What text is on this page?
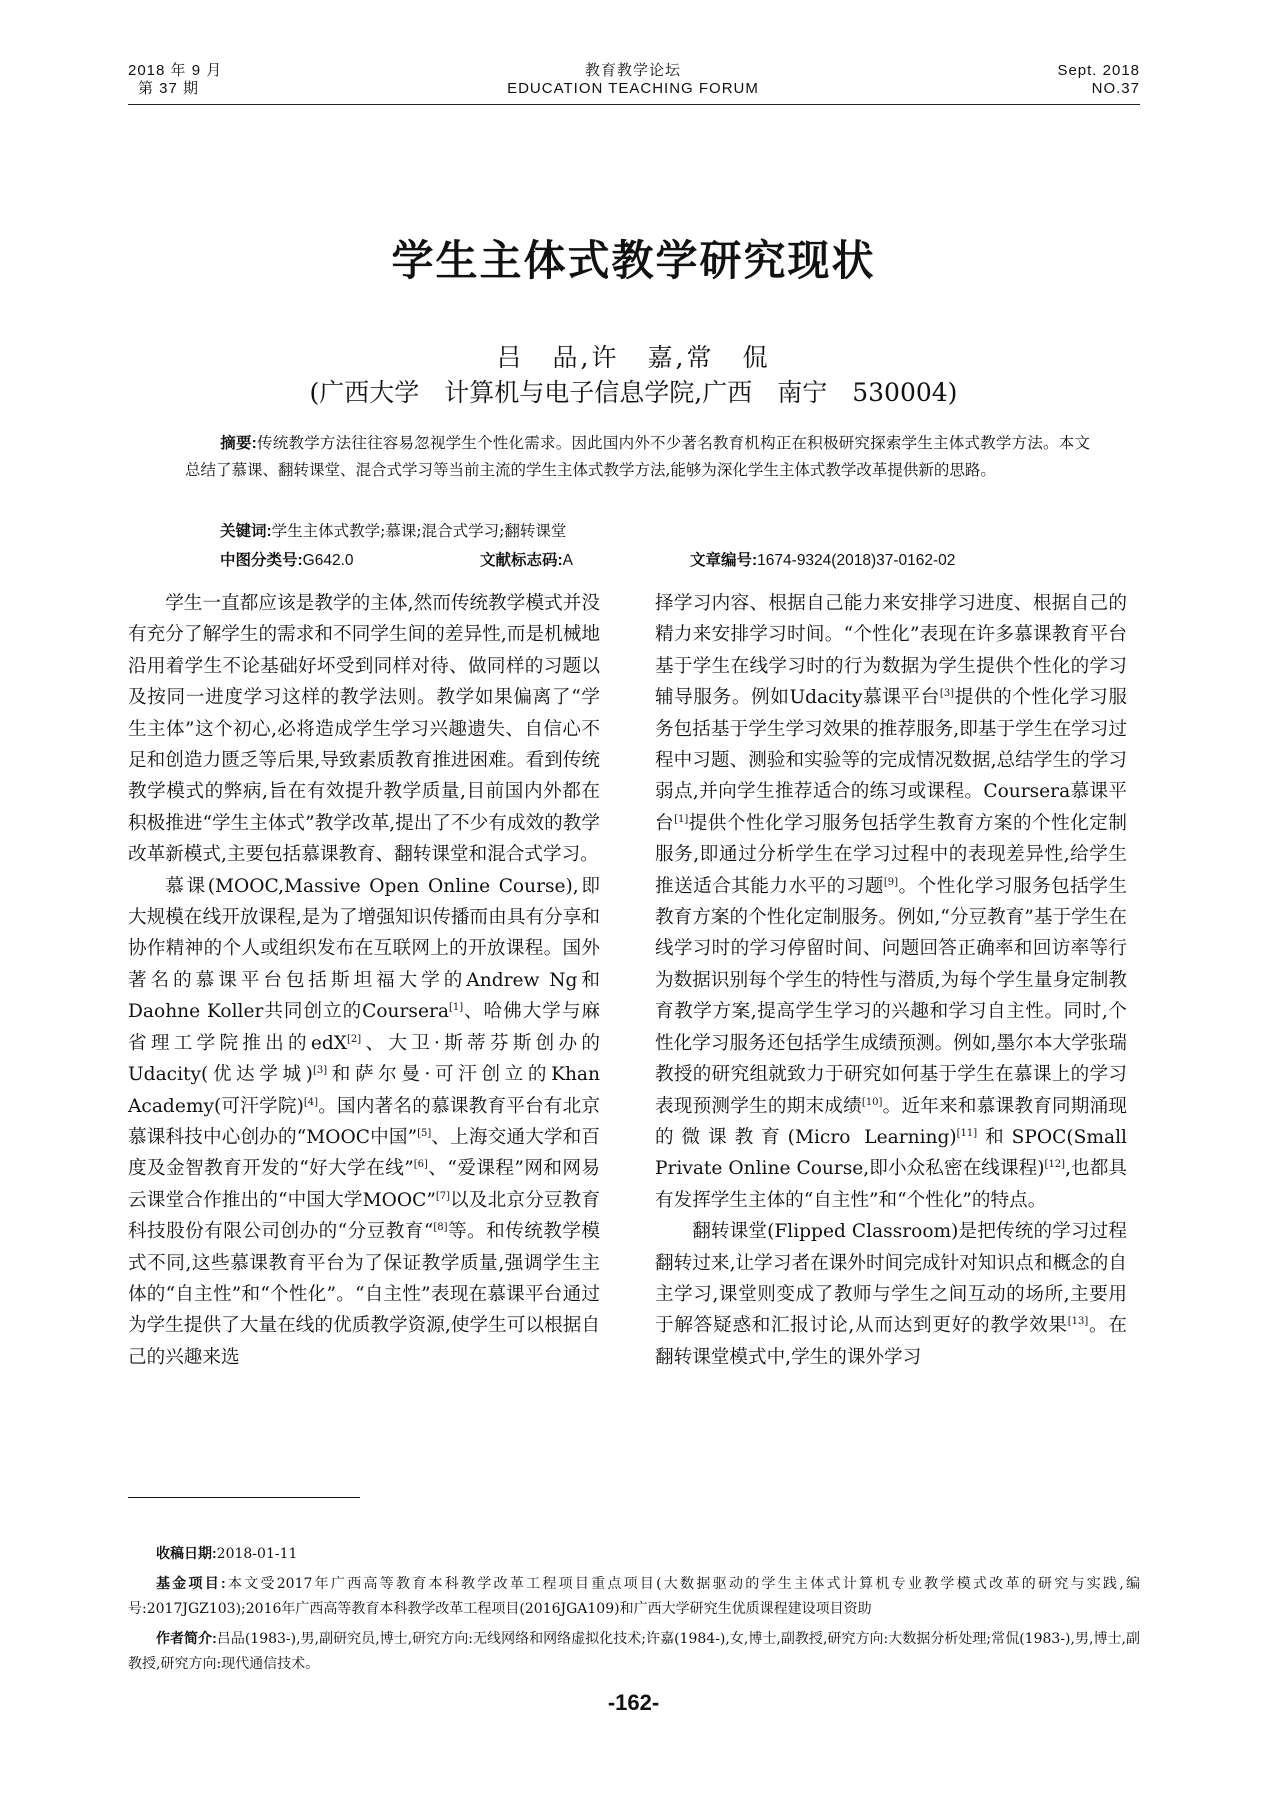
2018 年 9 月
第 37 期
教育教学论坛
EDUCATION TEACHING FORUM
Sept. 2018
NO.37
学生主体式教学研究现状
吕　品,许　嘉,常　侃
(广西大学　计算机与电子信息学院,广西　南宁　530004)
摘要:传统教学方法往往容易忽视学生个性化需求。因此国内外不少著名教育机构正在积极研究探索学生主体式教学方法。本文总结了慕课、翻转课堂、混合式学习等当前主流的学生主体式教学方法,能够为深化学生主体式教学改革提供新的思路。
关键词:学生主体式教学;慕课;混合式学习;翻转课堂
中图分类号:G642.0	文献标志码:A	文章编号:1674-9324(2018)37-0162-02

学生一直都应该是教学的主体,然而传统教学模式并没有充分了解学生的需求和不同学生间的差异性,而是机械地沿用着学生不论基础好坏受到同样对待、做同样的习题以及按同一进度学习这样的教学法则。教学如果偏离了“学生主体”这个初心,必将造成学生学习兴趣遗失、自信心不足和创造力匮乏等后果,导致素质教育推进困难。看到传统教学模式的弊病,旨在有效提升教学质量,目前国内外都在积极推进“学生主体式”教学改革,提出了不少有成效的教学改革新模式,主要包括慕课教育、翻转课堂和混合式学习。

慕课(MOOC,Massive Open Online Course),即大规模在线开放课程,是为了增强知识传播而由具有分享和协作精神的个人或组织发布在互联网上的开放课程。国外著名的慕课平台包括斯坦福大学的Andrew Ng和Daohne Koller共同创立的Coursera[1]、哈佛大学与麻省理工学院推出的edX[2]、大卫·斯蒂芬斯创办的Udacity(优达学城)[3]和萨尔曼·可汗创立的Khan Academy(可汗学院)[4]。国内著名的慕课教育平台有北京慕课科技中心创办的“MOOC中国”[5]、上海交通大学和百度及金智教育开发的“好大学在线”[6]、“爱课程”网和网易云课堂合作推出的“中国大学MOOC”[7]以及北京分豆教育科技股份有限公司创办的“分豆教育“[8]等。和传统教学模式不同,这些慕课教育平台为了保证教学质量,强调学生主体的“自主性”和“个性化”。“自主性”表现在慕课平台通过为学生提供了大量在线的优质教学资源,使学生可以根据自己的兴趣来选

择学习内容、根据自己能力来安排学习进度、根据自己的精力来安排学习时间。“个性化”表现在许多慕课教育平台基于学生在线学习时的行为数据为学生提供个性化的学习辅导服务。例如Udacity慕课平台[3]提供的个性化学习服务包括基于学生学习效果的推荐服务,即基于学生在学习过程中习题、测验和实验等的完成情况数据,总结学生的学习弱点,并向学生推荐适合的练习或课程。Coursera慕课平台[1]提供个性化学习服务包括学生教育方案的个性化定制服务,即通过分析学生在学习过程中的表现差异性,给学生推送适合其能力水平的习题[9]。个性化学习服务包括学生教育方案的个性化定制服务。例如,“分豆教育”基于学生在线学习时的学习停留时间、问题回答正确率和回访率等行为数据识别每个学生的特性与潜质,为每个学生量身定制教育教学方案,提高学生学习的兴趣和学习自主性。同时,个性化学习服务还包括学生成绩预测。例如,墨尔本大学张瑞教授的研究组就致力于研究如何基于学生在慕课上的学习表现预测学生的期末成绩[10]。近年来和慕课教育同期涌现的微课教育(Micro Learning)[11]和SPOC(Small Private Online Course,即小众私密在线课程)[12],也都具有发挥学生主体的“自主性”和“个性化”的特点。

翻转课堂(Flipped Classroom)是把传统的学习过程翻转过来,让学习者在课外时间完成针对知识点和概念的自主学习,课堂则变成了教师与学生之间互动的场所,主要用于解答疑惑和汇报讨论,从而达到更好的教学效果[13]。在翻转课堂模式中,学生的课外学习

收稿日期:2018-01-11

基金项目:本文受2017年广西高等教育本科教学改革工程项目重点项目(大数据驱动的学生主体式计算机专业教学模式改革的研究与实践,编号:2017JGZ103);2016年广西高等教育本科教学改革工程项目(2016JGA109)和广西大学研究生优质课程建设项目资助

作者简介:吕品(1983-),男,副研究员,博士,研究方向:无线网络和网络虚拟化技术;许嘉(1984-),女,博士,副教授,研究方向:大数据分析处理;常侃(1983-),男,博士,副教授,研究方向:现代通信技术。

-162-
